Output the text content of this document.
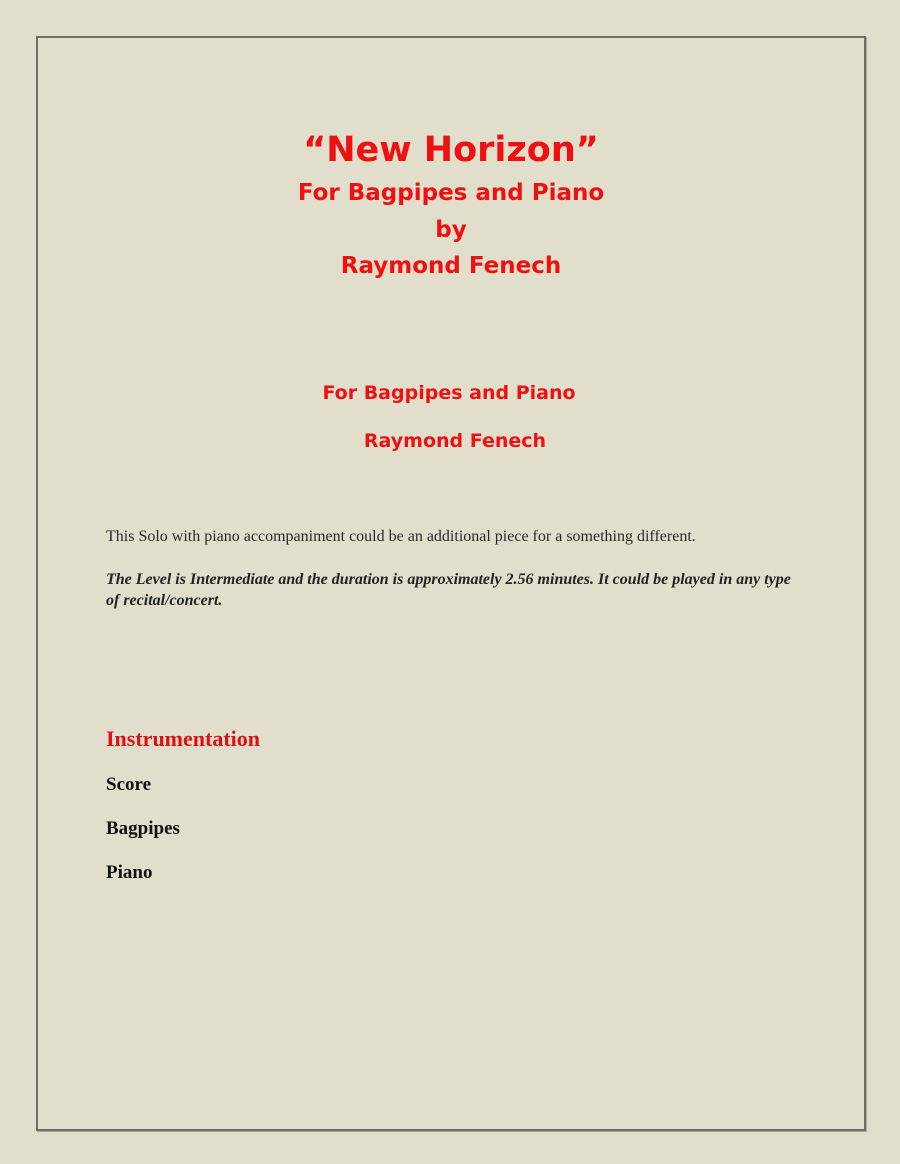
“New Horizon”
For Bagpipes and Piano
by
Raymond Fenech
For Bagpipes and Piano
Raymond Fenech
This Solo with piano accompaniment could be an additional piece for a something different.
The Level is Intermediate and the duration is approximately 2.56 minutes. It could be played in any type of recital/concert.
Instrumentation
Score
Bagpipes
Piano
